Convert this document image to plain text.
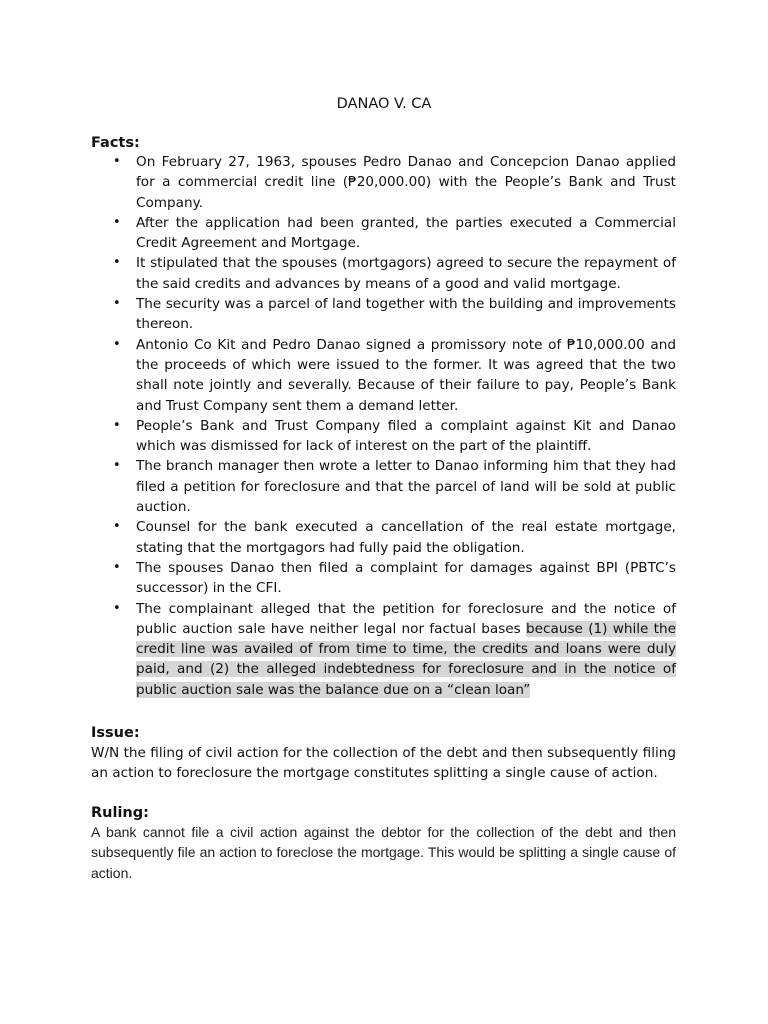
DANAO V. CA
Facts:
• On February 27, 1963, spouses Pedro Danao and Concepcion Danao applied for a commercial credit line (₱20,000.00) with the People’s Bank and Trust Company.
• After the application had been granted, the parties executed a Commercial Credit Agreement and Mortgage.
• It stipulated that the spouses (mortgagors) agreed to secure the repayment of the said credits and advances by means of a good and valid mortgage.
• The security was a parcel of land together with the building and improvements thereon.
• Antonio Co Kit and Pedro Danao signed a promissory note of ₱10,000.00 and the proceeds of which were issued to the former. It was agreed that the two shall note jointly and severally. Because of their failure to pay, People’s Bank and Trust Company sent them a demand letter.
• People’s Bank and Trust Company filed a complaint against Kit and Danao which was dismissed for lack of interest on the part of the plaintiff.
• The branch manager then wrote a letter to Danao informing him that they had filed a petition for foreclosure and that the parcel of land will be sold at public auction.
• Counsel for the bank executed a cancellation of the real estate mortgage, stating that the mortgagors had fully paid the obligation.
• The spouses Danao then filed a complaint for damages against BPI (PBTC’s successor) in the CFI.
• The complainant alleged that the petition for foreclosure and the notice of public auction sale have neither legal nor factual bases because (1) while the credit line was availed of from time to time, the credits and loans were duly paid, and (2) the alleged indebtedness for foreclosure and in the notice of public auction sale was the balance due on a “clean loan”
Issue:

W/N the filing of civil action for the collection of the debt and then subsequently filing an action to foreclosure the mortgage constitutes splitting a single cause of action.

Ruling:

A bank cannot file a civil action against the debtor for the collection of the debt and then subsequently file an action to foreclose the mortgage. This would be splitting a single cause of action.
